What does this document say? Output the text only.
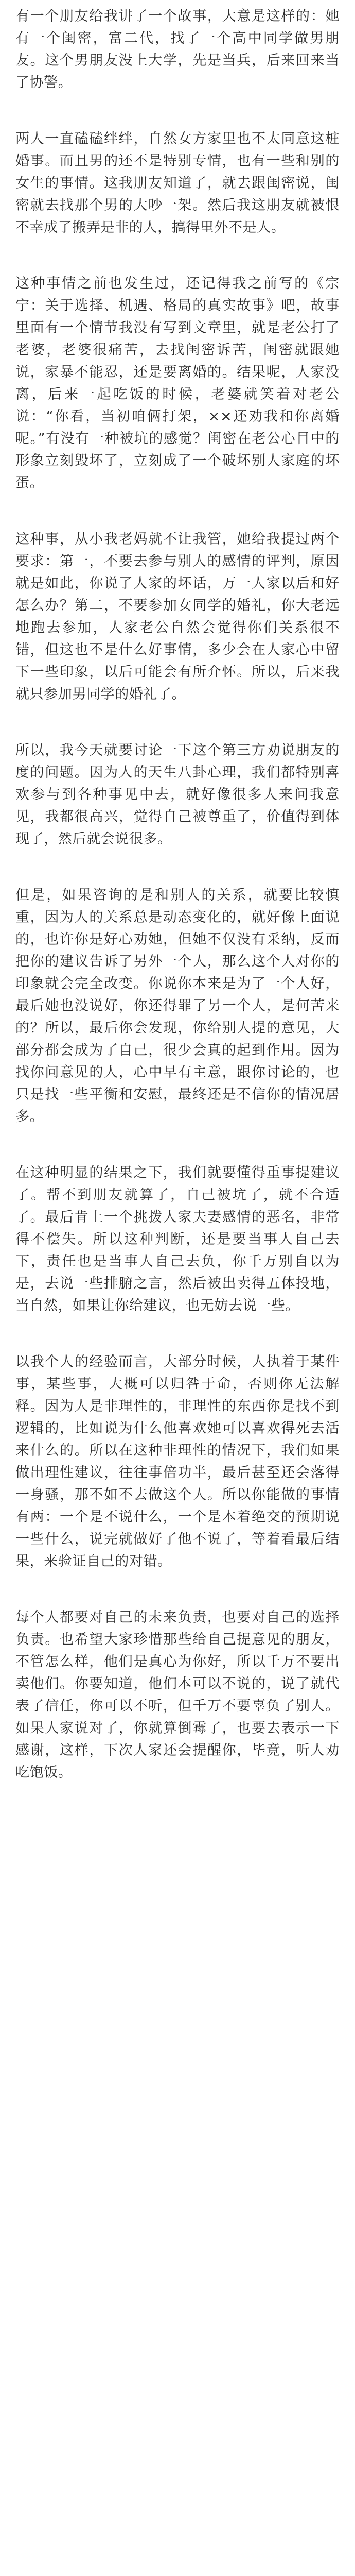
有一个朋友给我讲了一个故事，大意是这样的：她有一个闺密，富二代，找了一个高中同学做男朋友。这个男朋友没上大学，先是当兵，后来回来当了协警。

两人一直磕磕绊绊，自然女方家里也不太同意这桩婚事。而且男的还不是特别专情，也有一些和别的女生的事情。这我朋友知道了，就去跟闺密说，闺密就去找那个男的大吵一架。然后我这朋友就被恨不幸成了搬弄是非的人，搞得里外不是人。

这种事情之前也发生过，还记得我之前写的《宗宁：关于选择、机遇、格局的真实故事》吧，故事里面有一个情节我没有写到文章里，就是老公打了老婆，老婆很痛苦，去找闺密诉苦，闺密就跟她说，家暴不能忍，还是要离婚的。结果呢，人家没离，后来一起吃饭的时候，老婆就笑着对老公说：“你看，当初咱俩打架，××还劝我和你离婚呢。”有没有一种被坑的感觉？闺密在老公心目中的形象立刻毁坏了，立刻成了一个破坏别人家庭的坏蛋。

这种事，从小我老妈就不让我管，她给我提过两个要求：第一，不要去参与别人的感情的评判，原因就是如此，你说了人家的坏话，万一人家以后和好怎么办？第二，不要参加女同学的婚礼，你大老远地跑去参加，人家老公自然会觉得你们关系很不错，但这也不是什么好事情，多少会在人家心中留下一些印象，以后可能会有所介怀。所以，后来我就只参加男同学的婚礼了。

所以，我今天就要讨论一下这个第三方劝说朋友的度的问题。因为人的天生八卦心理，我们都特别喜欢参与到各种事见中去，就好像很多人来问我意见，我都很高兴，觉得自己被尊重了，价值得到体现了，然后就会说很多。

但是，如果咨询的是和别人的关系，就要比较慎重，因为人的关系总是动态变化的，就好像上面说的，也许你是好心劝她，但她不仅没有采纳，反而把你的建议告诉了另外一个人，那么这个人对你的印象就会完全改变。你说你本来是为了一个人好，最后她也没说好，你还得罪了另一个人，是何苦来的？所以，最后你会发现，你给别人提的意见，大部分都会成为了自己，很少会真的起到作用。因为找你问意见的人，心中早有主意，跟你讨论的，也只是找一些平衡和安慰，最终还是不信你的情况居多。

在这种明显的结果之下，我们就要懂得重事提建议了。帮不到朋友就算了，自己被坑了，就不合适了。最后肯上一个挑拨人家夫妻感情的恶名，非常得不偿失。所以这种判断，还是要当事人自己去下，责任也是当事人自己去负，你千万别自以为是，去说一些排腑之言，然后被出卖得五体投地，当自然，如果让你给建议，也无妨去说一些。

以我个人的经验而言，大部分时候，人执着于某件事，某些事，大概可以归咎于命，否则你无法解释。因为人是非理性的，非理性的东西你是找不到逻辑的，比如说为什么他喜欢她可以喜欢得死去活来什么的。所以在这种非理性的情况下，我们如果做出理性建议，往往事倍功半，最后甚至还会落得一身骚，那不如不去做这个人。所以你能做的事情有两：一个是不说什么，一个是本着绝交的预期说一些什么，说完就做好了他不说了，等着看最后结果，来验证自己的对错。

每个人都要对自己的未来负责，也要对自己的选择负责。也希望大家珍惜那些给自己提意见的朋友，不管怎么样，他们是真心为你好，所以千万不要出卖他们。你要知道，他们本可以不说的，说了就代表了信任，你可以不听，但千万不要辜负了别人。如果人家说对了，你就算倒霉了，也要去表示一下感谢，这样，下次人家还会提醒你，毕竟，听人劝吃饱饭。
